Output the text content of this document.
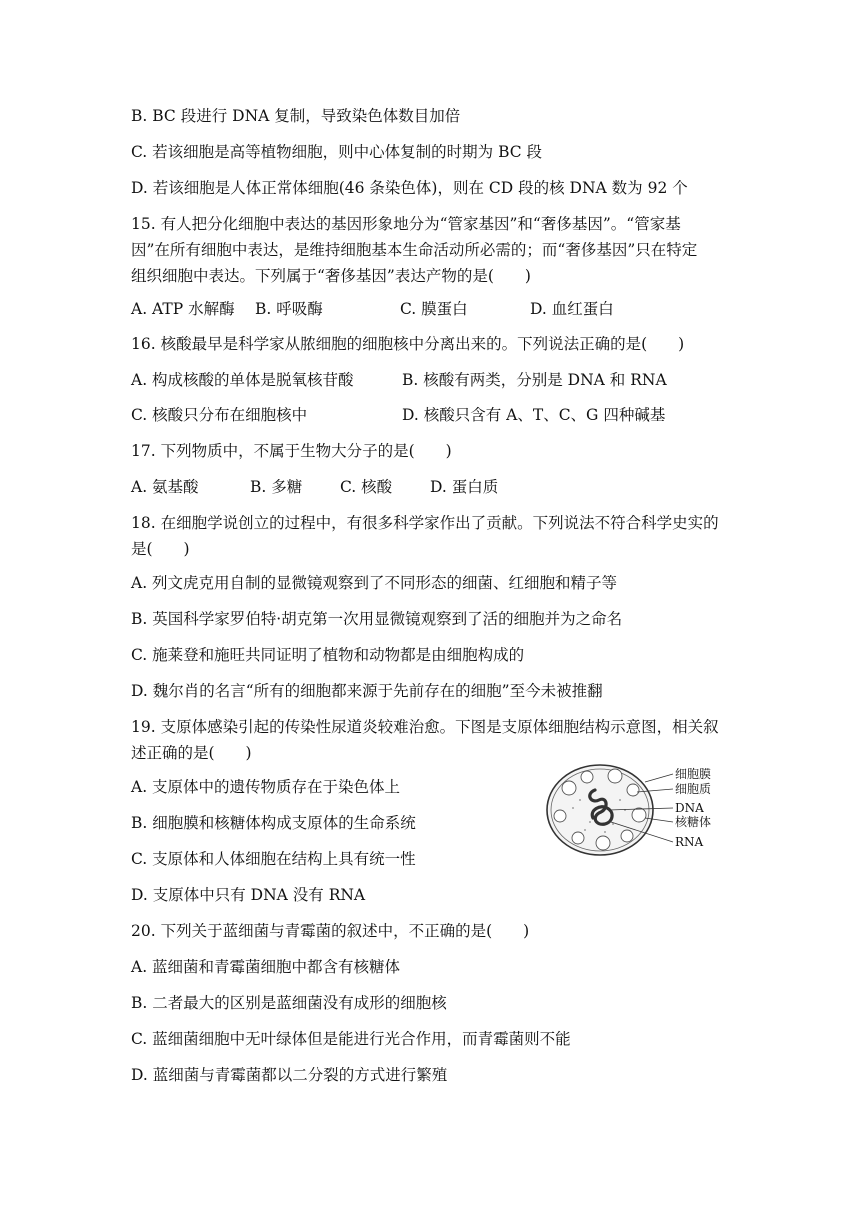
B. BC 段进行 DNA 复制，导致染色体数目加倍
C. 若该细胞是高等植物细胞，则中心体复制的时期为 BC 段
D. 若该细胞是人体正常体细胞(46 条染色体)，则在 CD 段的核 DNA 数为 92 个
15. 有人把分化细胞中表达的基因形象地分为“管家基因”和“奢侈基因”。“管家基
因”在所有细胞中表达，是维持细胞基本生命活动所必需的；而“奢侈基因”只在特定
组织细胞中表达。下列属于“奢侈基因”表达产物的是(　　)
A. ATP 水解酶 B. 呼吸酶	C. 膜蛋白	D. 血红蛋白
16. 核酸最早是科学家从脓细胞的细胞核中分离出来的。下列说法正确的是(　　)
A. 构成核酸的单体是脱氧核苷酸	B. 核酸有两类，分别是 DNA 和 RNA
C. 核酸只分布在细胞核中	D. 核酸只含有 A、T、C、G 四种碱基
17. 下列物质中，不属于生物大分子的是(　　)
A. 氨基酸	B. 多糖 C. 核酸 D. 蛋白质
18. 在细胞学说创立的过程中，有很多科学家作出了贡献。下列说法不符合科学史实的
是(　　)
A. 列文虎克用自制的显微镜观察到了不同形态的细菌、红细胞和精子等
B. 英国科学家罗伯特·胡克第一次用显微镜观察到了活的细胞并为之命名
C. 施莱登和施旺共同证明了植物和动物都是由细胞构成的
D. 魏尔肖的名言“所有的细胞都来源于先前存在的细胞”至今未被推翻
19. 支原体感染引起的传染性尿道炎较难治愈。下图是支原体细胞结构示意图，相关叙
述正确的是(　　)
A. 支原体中的遗传物质存在于染色体上
B. 细胞膜和核糖体构成支原体的生命系统
C. 支原体和人体细胞在结构上具有统一性
D. 支原体中只有 DNA 没有 RNA
细胞膜
细胞质
DNA
核糖体
RNA
20. 下列关于蓝细菌与青霉菌的叙述中，不正确的是(　　)
A. 蓝细菌和青霉菌细胞中都含有核糖体
B. 二者最大的区别是蓝细菌没有成形的细胞核
C. 蓝细菌细胞中无叶绿体但是能进行光合作用，而青霉菌则不能
D. 蓝细菌与青霉菌都以二分裂的方式进行繁殖
